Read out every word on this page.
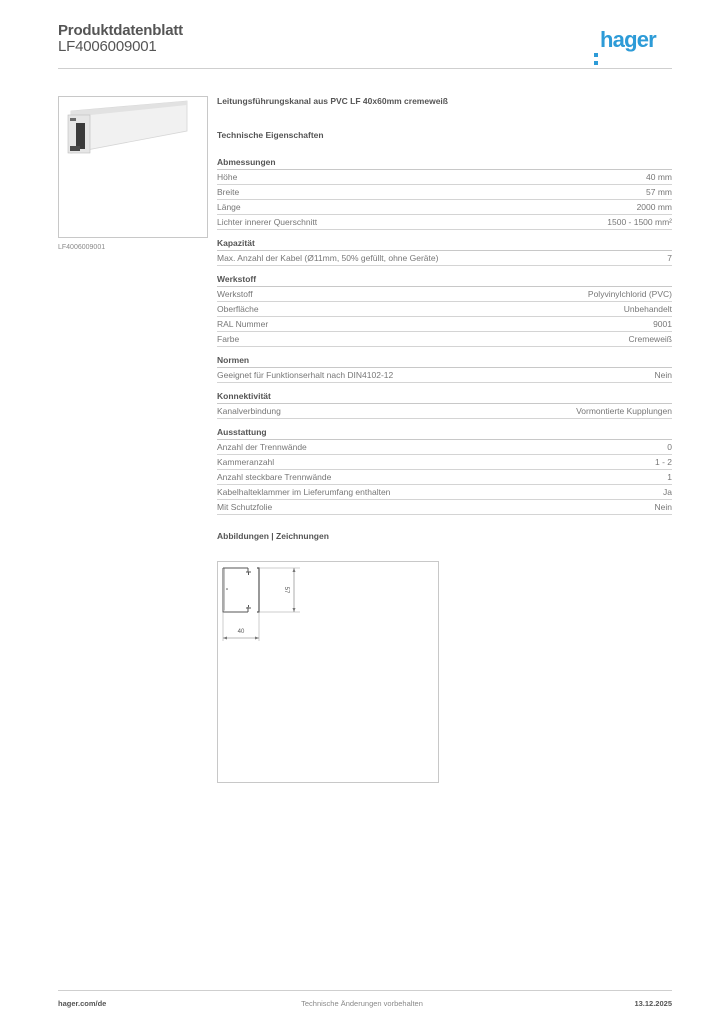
Produktdatenblatt
LF4006009001	hager
LF4006009001
Leitungsführungskanal aus PVC LF 40x60mm cremeweiß
Technische Eigenschaften
Abmessungen
Höhe	40 mm
Breite	57 mm
Länge	2000 mm
Lichter innerer Querschnitt	1500 - 1500 mm²
Kapazität
Max. Anzahl der Kabel (Ø11mm, 50% gefüllt, ohne Geräte)	7
Werkstoff
Werkstoff	Polyvinylchlorid (PVC)
Oberfläche	Unbehandelt
RAL Nummer	9001
Farbe	Cremeweiß
Normen
Geeignet für Funktionserhalt nach DIN4102-12	Nein
Konnektivität
Kanalverbindung	Vormontierte Kupplungen
Ausstattung
Anzahl der Trennwände	0
Kammeranzahl	1 - 2
Anzahl steckbare Trennwände	1
Kabelhalteklammer im Lieferumfang enthalten	Ja
Mit Schutzfolie	Nein
Abbildungen | Zeichnungen
57
40
hager.com/de	Technische Änderungen vorbehalten	13.12.2025
